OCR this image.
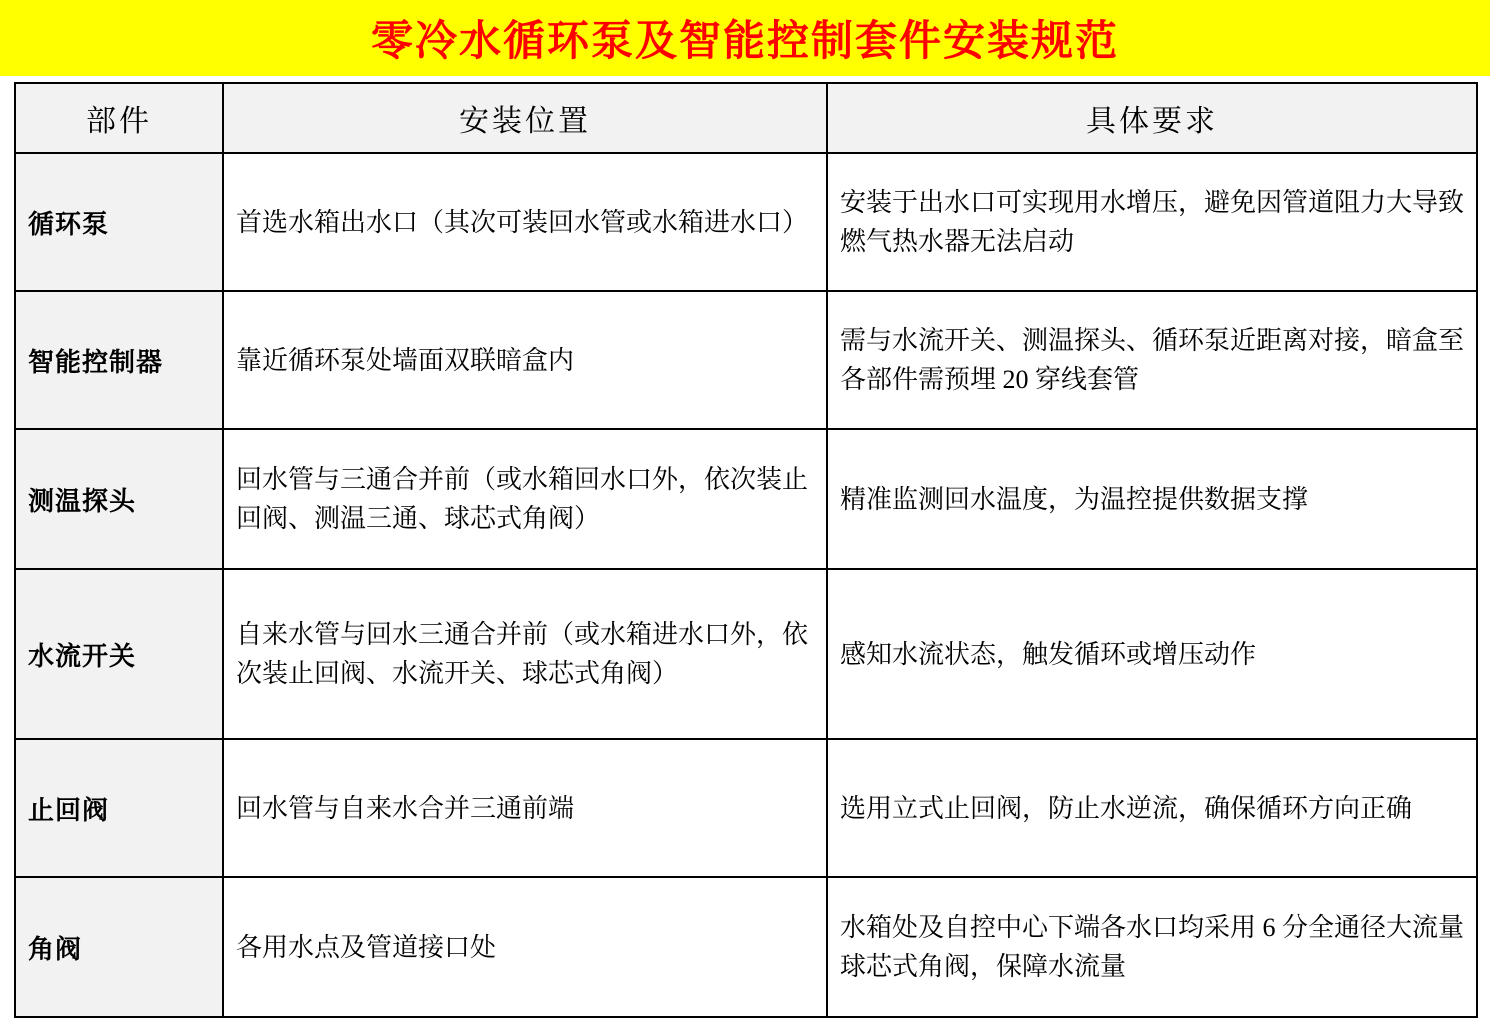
零冷水循环泵及智能控制套件安装规范
部件	安装位置	具体要求
循环泵	首选水箱出水口（其次可装回水管或水箱进水口）	安装于出水口可实现用水增压，避免因管道阻力大导致燃气热水器无法启动
智能控制器	靠近循环泵处墙面双联暗盒内	需与水流开关、测温探头、循环泵近距离对接，暗盒至各部件需预埋 20 穿线套管
测温探头	回水管与三通合并前（或水箱回水口外，依次装止回阀、测温三通、球芯式角阀）	精准监测回水温度，为温控提供数据支撑
水流开关	自来水管与回水三通合并前（或水箱进水口外，依次装止回阀、水流开关、球芯式角阀）	感知水流状态，触发循环或增压动作
止回阀	回水管与自来水合并三通前端	选用立式止回阀，防止水逆流，确保循环方向正确
角阀	各用水点及管道接口处	水箱处及自控中心下端各水口均采用 6 分全通径大流量球芯式角阀，保障水流量
